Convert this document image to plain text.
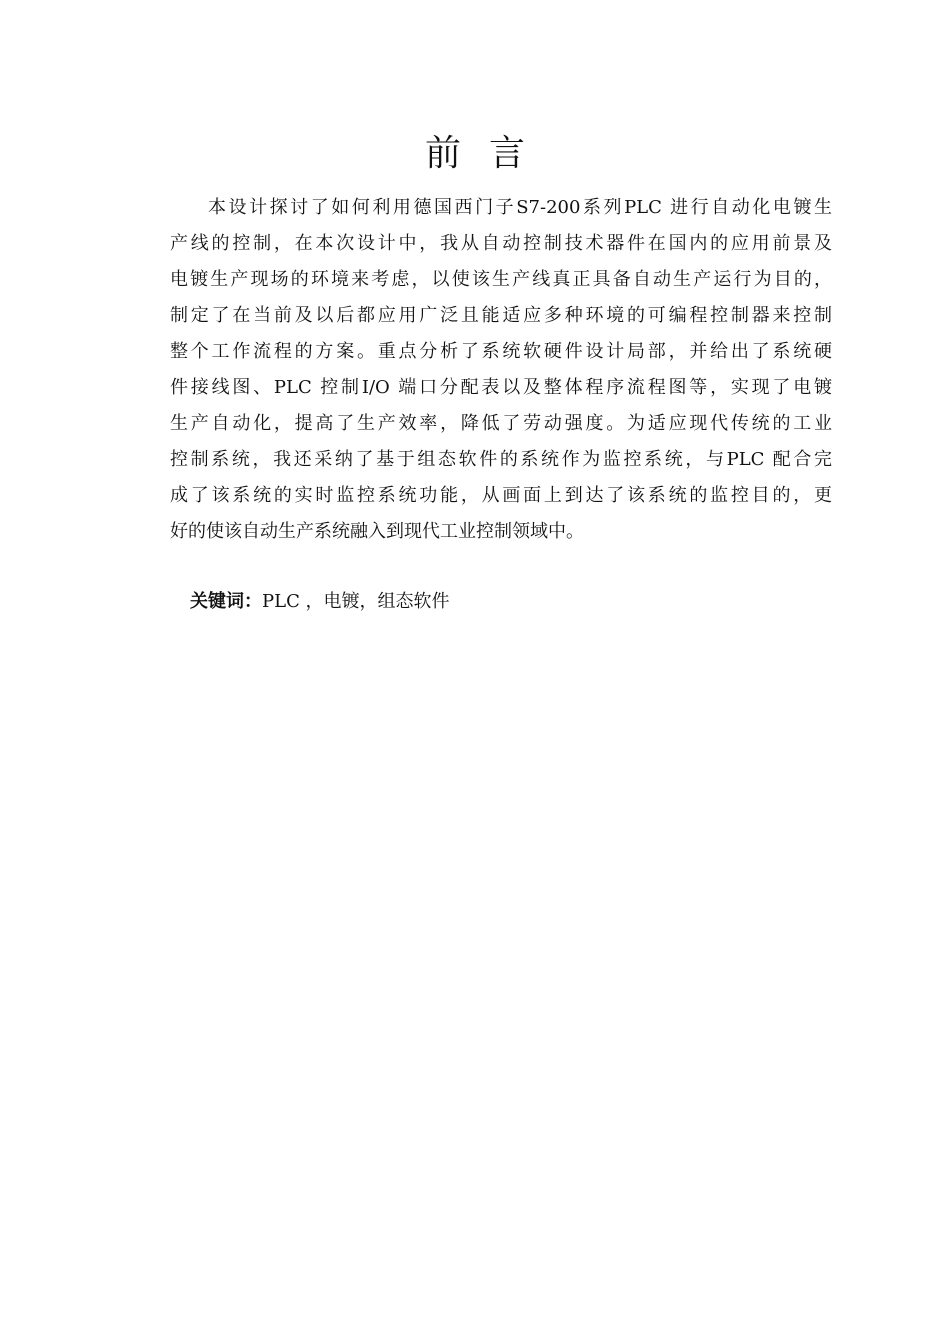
前言
本设计探讨了如何利用德国西门子S7-200系列PLC 进行自动化电镀生
产线的控制，在本次设计中，我从自动控制技术器件在国内的应用前景及
电镀生产现场的环境来考虑，以使该生产线真正具备自动生产运行为目的，
制定了在当前及以后都应用广泛且能适应多种环境的可编程控制器来控制
整个工作流程的方案。重点分析了系统软硬件设计局部，并给出了系统硬
件接线图、PLC 控制I/O 端口分配表以及整体程序流程图等，实现了电镀
生产自动化，提高了生产效率，降低了劳动强度。为适应现代传统的工业
控制系统，我还采纳了基于组态软件的系统作为监控系统，与PLC 配合完
成了该系统的实时监控系统功能，从画面上到达了该系统的监控目的，更
好的使该自动生产系统融入到现代工业控制领域中。
关键词：PLC ，电镀，组态软件
